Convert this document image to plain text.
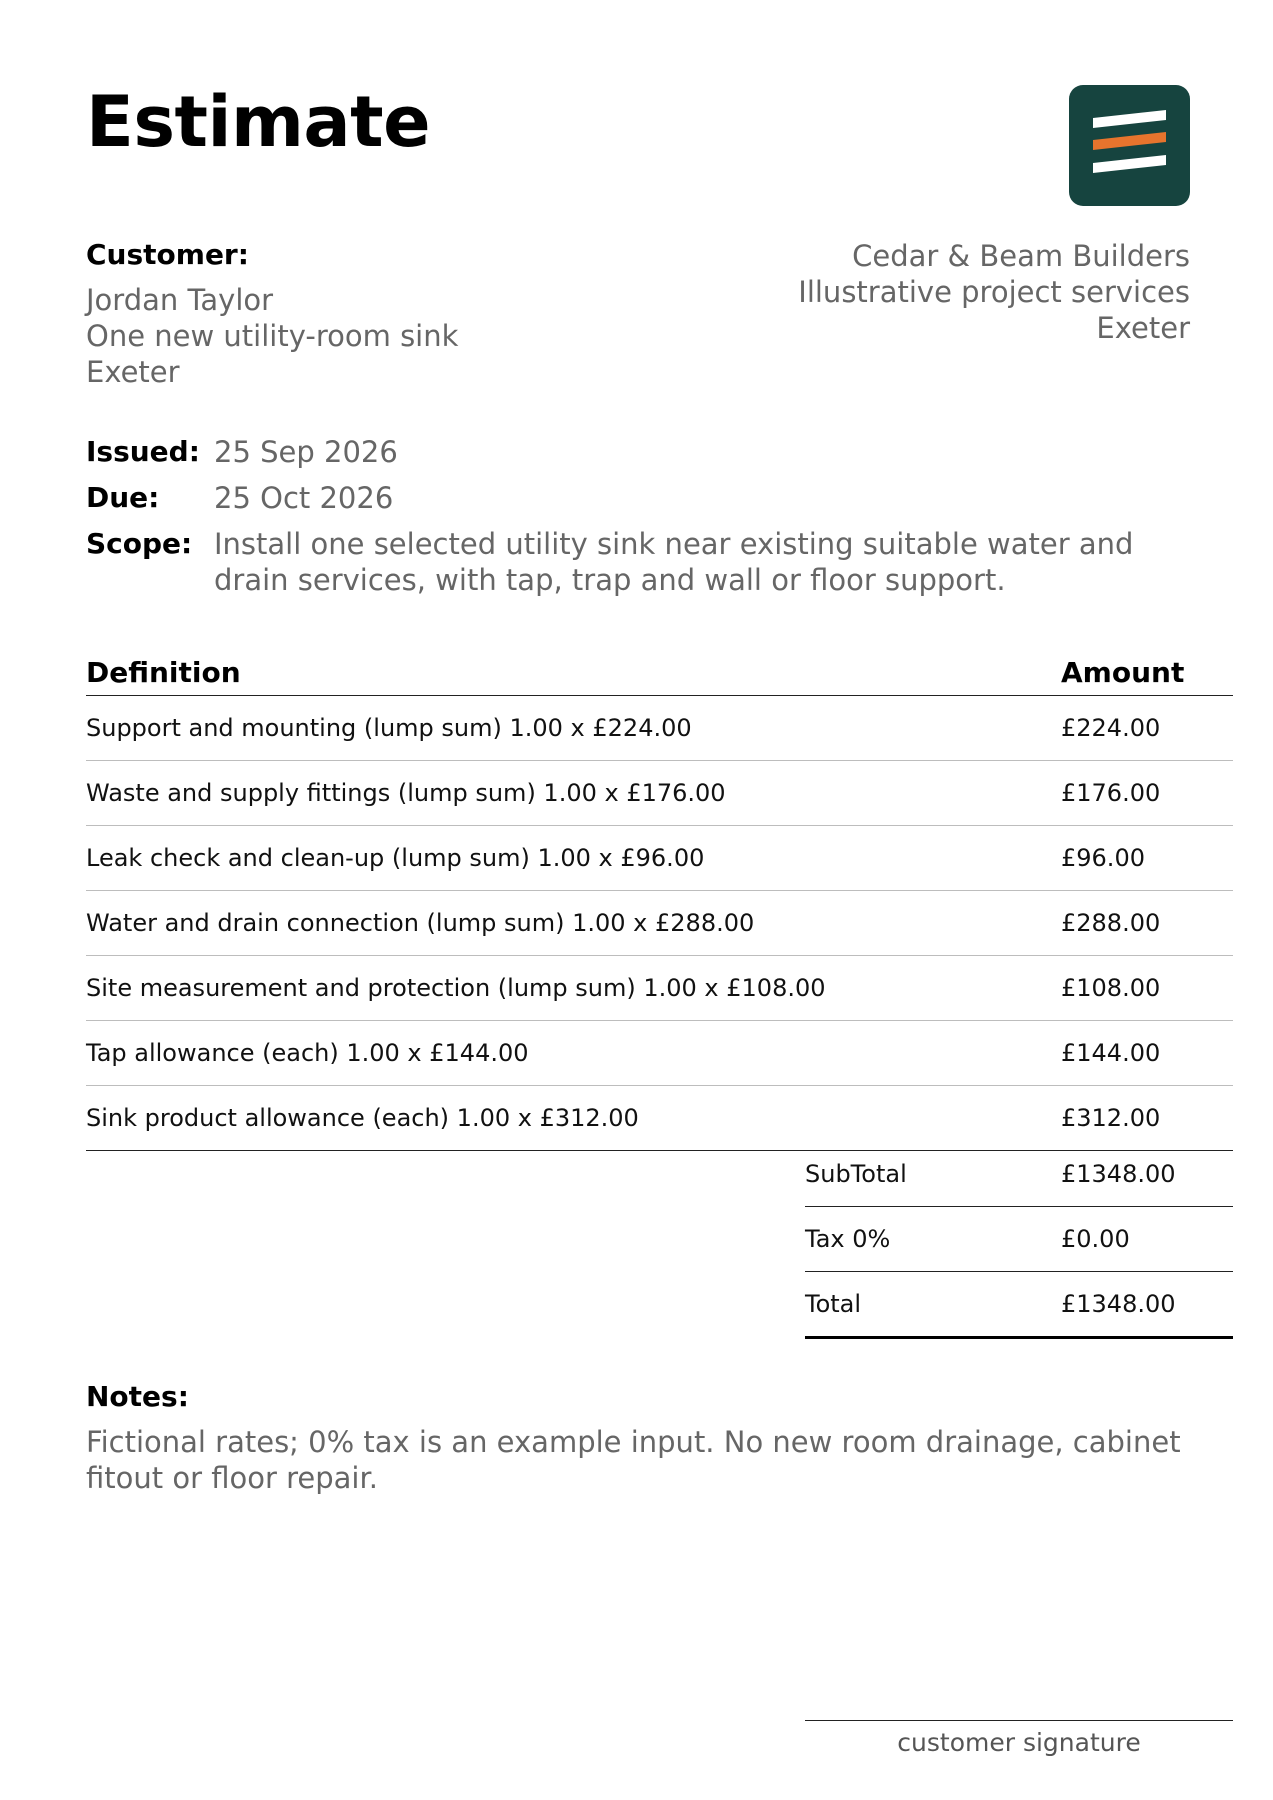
Estimate
Customer:
Jordan Taylor
One new utility-room sink
Exeter
Cedar & Beam Builders
Illustrative project services
Exeter
Issued: 25 Sep 2026
Due:	25 Oct 2026
Scope: Install one selected utility sink near existing suitable water and drain services, with tap, trap and wall or floor support.
Definition	Amount
Support and mounting (lump sum) 1.00 x £224.00	£224.00
Waste and supply fittings (lump sum) 1.00 x £176.00	£176.00
Leak check and clean-up (lump sum) 1.00 x £96.00	£96.00
Water and drain connection (lump sum) 1.00 x £288.00	£288.00
Site measurement and protection (lump sum) 1.00 x £108.00	£108.00
Tap allowance (each) 1.00 x £144.00	£144.00
Sink product allowance (each) 1.00 x £312.00	£312.00
SubTotal	£1348.00
Tax 0%	£0.00
Total	£1348.00
Notes:
Fictional rates; 0% tax is an example input. No new room drainage, cabinet fitout or floor repair.
customer signature
